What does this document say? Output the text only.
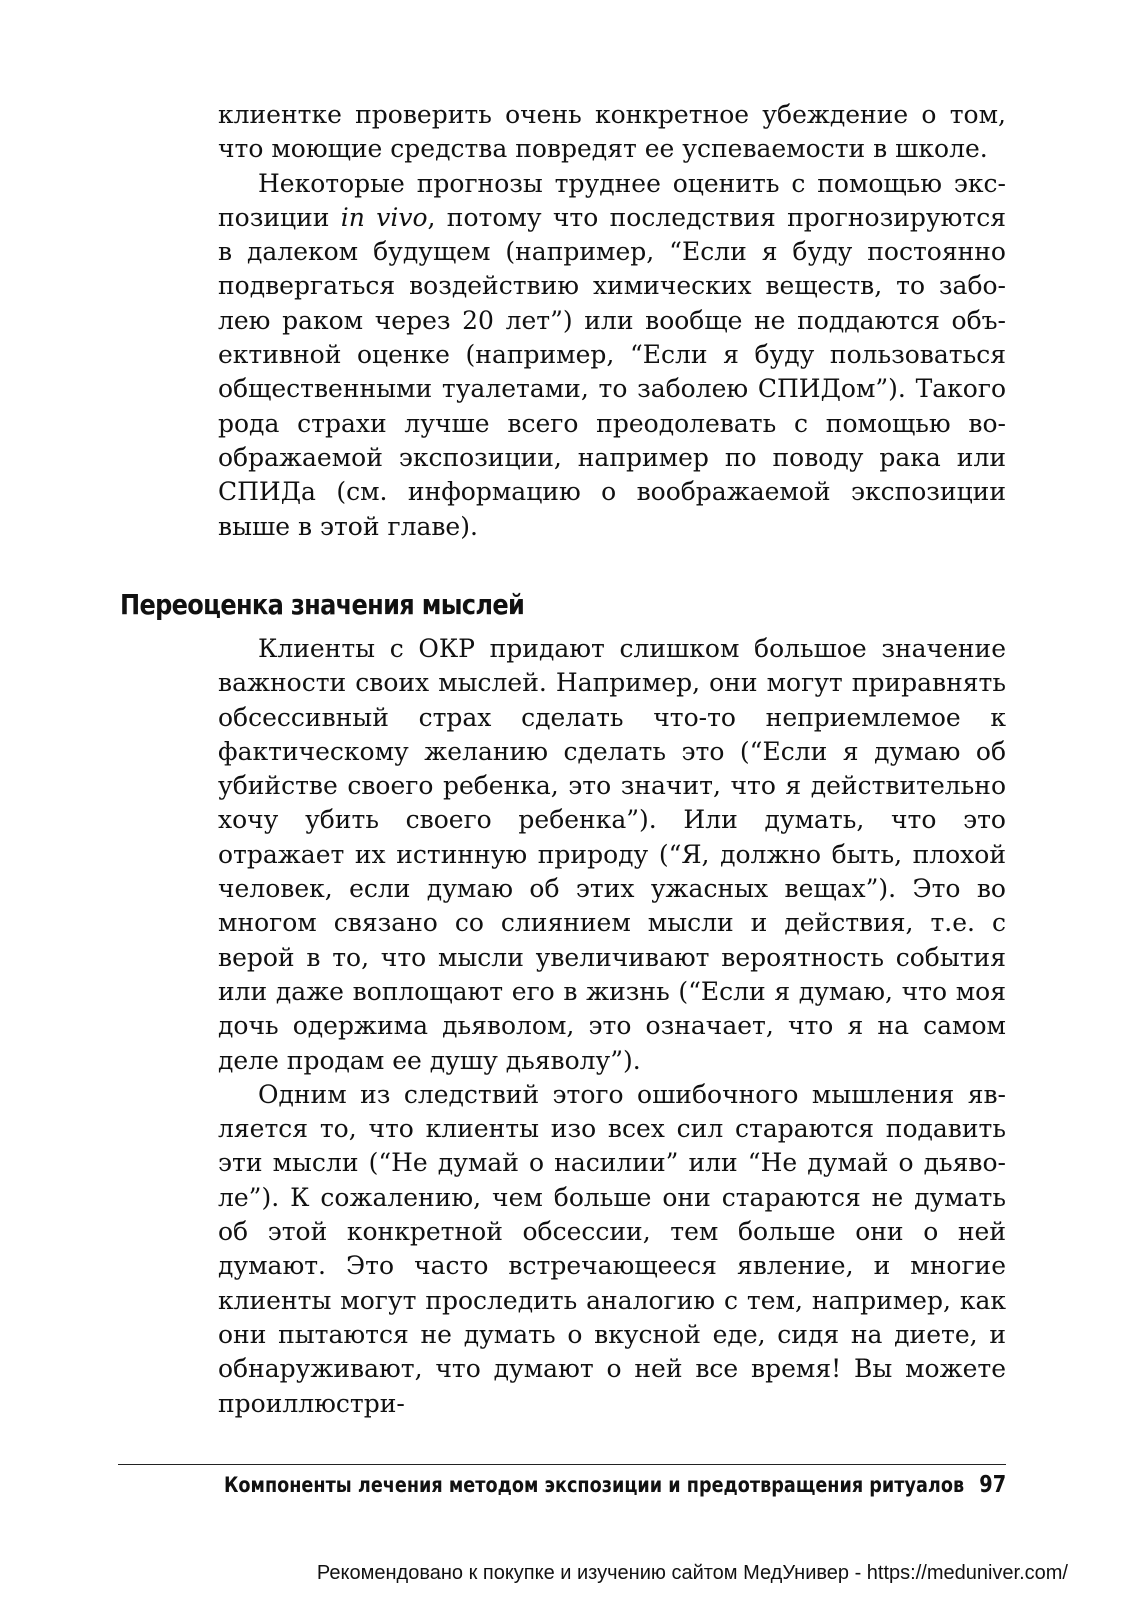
клиентке проверить очень конкретное убеждение о том, что моющие средства повредят ее успеваемости в школе.

Некоторые прогнозы труднее оценить с помощью экспозиции in vivo, потому что последствия прогнозируются в далеком будущем (например, “Если я буду постоянно подвергаться воздействию химических веществ, то заболею раком через 20 лет”) или вообще не поддаются объективной оценке (например, “Если я буду пользоваться общественными туалетами, то заболею СПИДом”). Такого рода страхи лучше всего преодолевать с помощью воображаемой экспозиции, например по поводу рака или СПИДа (см. информацию о воображаемой экспозиции выше в этой главе).

Переоценка значения мыслей

Клиенты с ОКР придают слишком большое значение важности своих мыслей. Например, они могут приравнять обсессивный страх сделать что-то неприемлемое к фактическому желанию сделать это (“Если я думаю об убийстве своего ребенка, это значит, что я действительно хочу убить своего ребенка”). Или думать, что это отражает их истинную природу (“Я, должно быть, плохой человек, если думаю об этих ужасных вещах”). Это во многом связано со слиянием мысли и действия, т.е. с верой в то, что мысли увеличивают вероятность события или даже воплощают его в жизнь (“Если я думаю, что моя дочь одержима дьяволом, это означает, что я на самом деле продам ее душу дьяволу”).

Одним из следствий этого ошибочного мышления является то, что клиенты изо всех сил стараются подавить эти мысли (“Не думай о насилии” или “Не думай о дьяволе”). К сожалению, чем больше они стараются не думать об этой конкретной обсессии, тем больше они о ней думают. Это часто встречающееся явление, и многие клиенты могут проследить аналогию с тем, например, как они пытаются не думать о вкусной еде, сидя на диете, и обнаруживают, что думают о ней все время! Вы можете проиллюстри-

Компоненты лечения методом экспозиции и предотвращения ритуалов 97
Рекомендовано к покупке и изучению сайтом МедУнивер - https://meduniver.com/
